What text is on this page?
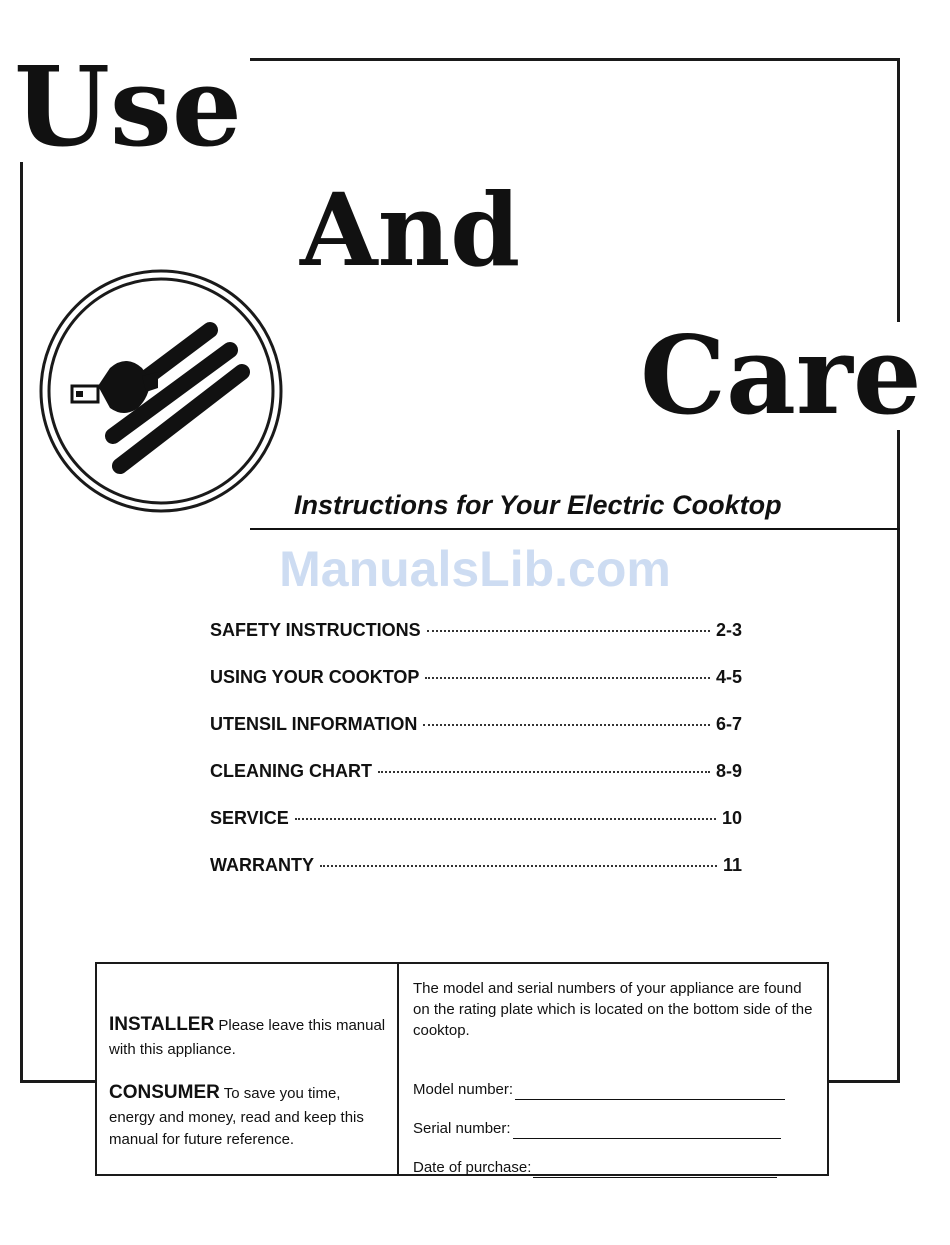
Use
And
Care
Instructions for Your Electric Cooktop
ManualsLib.com
SAFETY INSTRUCTIONS	2-3
USING YOUR COOKTOP	4-5
UTENSIL INFORMATION	6-7
CLEANING CHART	8-9
SERVICE	10
WARRANTY	11

INSTALLER Please leave this manual with this appliance.

CONSUMER To save you time, energy and money, read and keep this manual for future reference.

The model and serial numbers of your appliance are found on the rating plate which is located on the bottom side of the cooktop.

Model number:
Serial number:
Date of purchase:
